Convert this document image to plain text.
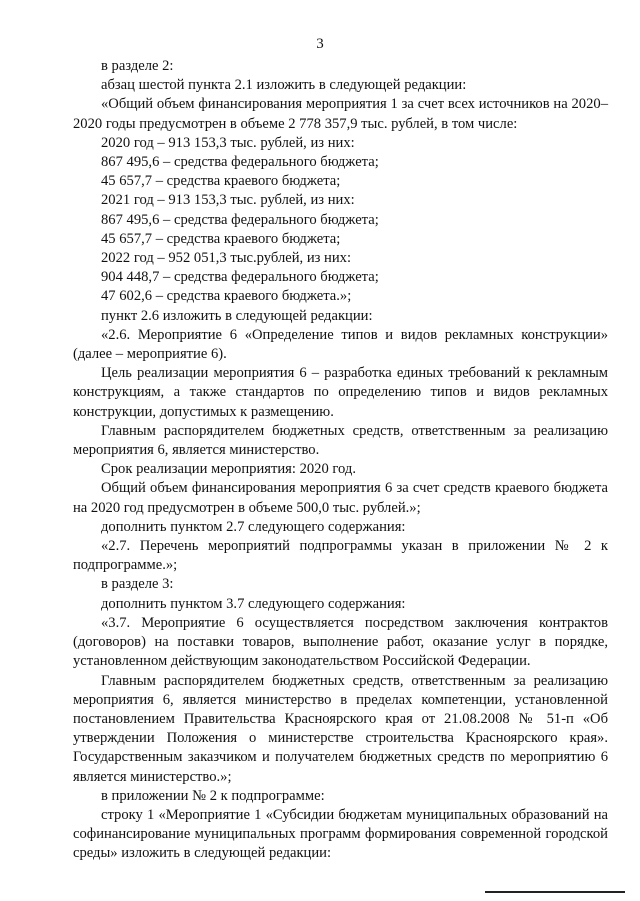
3

в разделе 2:

абзац шестой пункта 2.1 изложить в следующей редакции:

«Общий объем финансирования мероприятия 1 за счет всех источников на 2020–2020 годы предусмотрен в объеме 2 778 357,9 тыс. рублей, в том числе:

2020 год – 913 153,3 тыс. рублей, из них:

867 495,6 – средства федерального бюджета;

45 657,7 – средства краевого бюджета;

2021 год – 913 153,3 тыс. рублей, из них:

867 495,6 – средства федерального бюджета;

45 657,7 – средства краевого бюджета;

2022 год – 952 051,3 тыс.рублей, из них:

904 448,7 – средства федерального бюджета;

47 602,6 – средства краевого бюджета.»;

пункт 2.6 изложить в следующей редакции:

«2.6. Мероприятие 6 «Определение типов и видов рекламных конструкции» (далее – мероприятие 6).

Цель реализации мероприятия 6 – разработка единых требований к рекламным конструкциям, а также стандартов по определению типов и видов рекламных конструкции, допустимых к размещению.

Главным распорядителем бюджетных средств, ответственным за реализацию мероприятия 6, является министерство.

Срок реализации мероприятия: 2020 год.

Общий объем финансирования мероприятия 6 за счет средств краевого бюджета на 2020 год предусмотрен в объеме 500,0 тыс. рублей.»;

дополнить пунктом 2.7 следующего содержания:

«2.7. Перечень мероприятий подпрограммы указан в приложении № 2 к подпрограмме.»;

в разделе 3:

дополнить пунктом 3.7 следующего содержания:

«3.7. Мероприятие 6 осуществляется посредством заключения контрактов (договоров) на поставки товаров, выполнение работ, оказание услуг в порядке, установленном действующим законодательством Российской Федерации.

Главным распорядителем бюджетных средств, ответственным за реализацию мероприятия 6, является министерство в пределах компетенции, установленной постановлением Правительства Красноярского края от 21.08.2008 № 51-п «Об утверждении Положения о министерстве строительства Красноярского края». Государственным заказчиком и получателем бюджетных средств по мероприятию 6 является министерство.»;

в приложении № 2 к подпрограмме:

строку 1 «Мероприятие 1 «Субсидии бюджетам муниципальных образований на софинансирование муниципальных программ формирования современной городской среды» изложить в следующей редакции:
